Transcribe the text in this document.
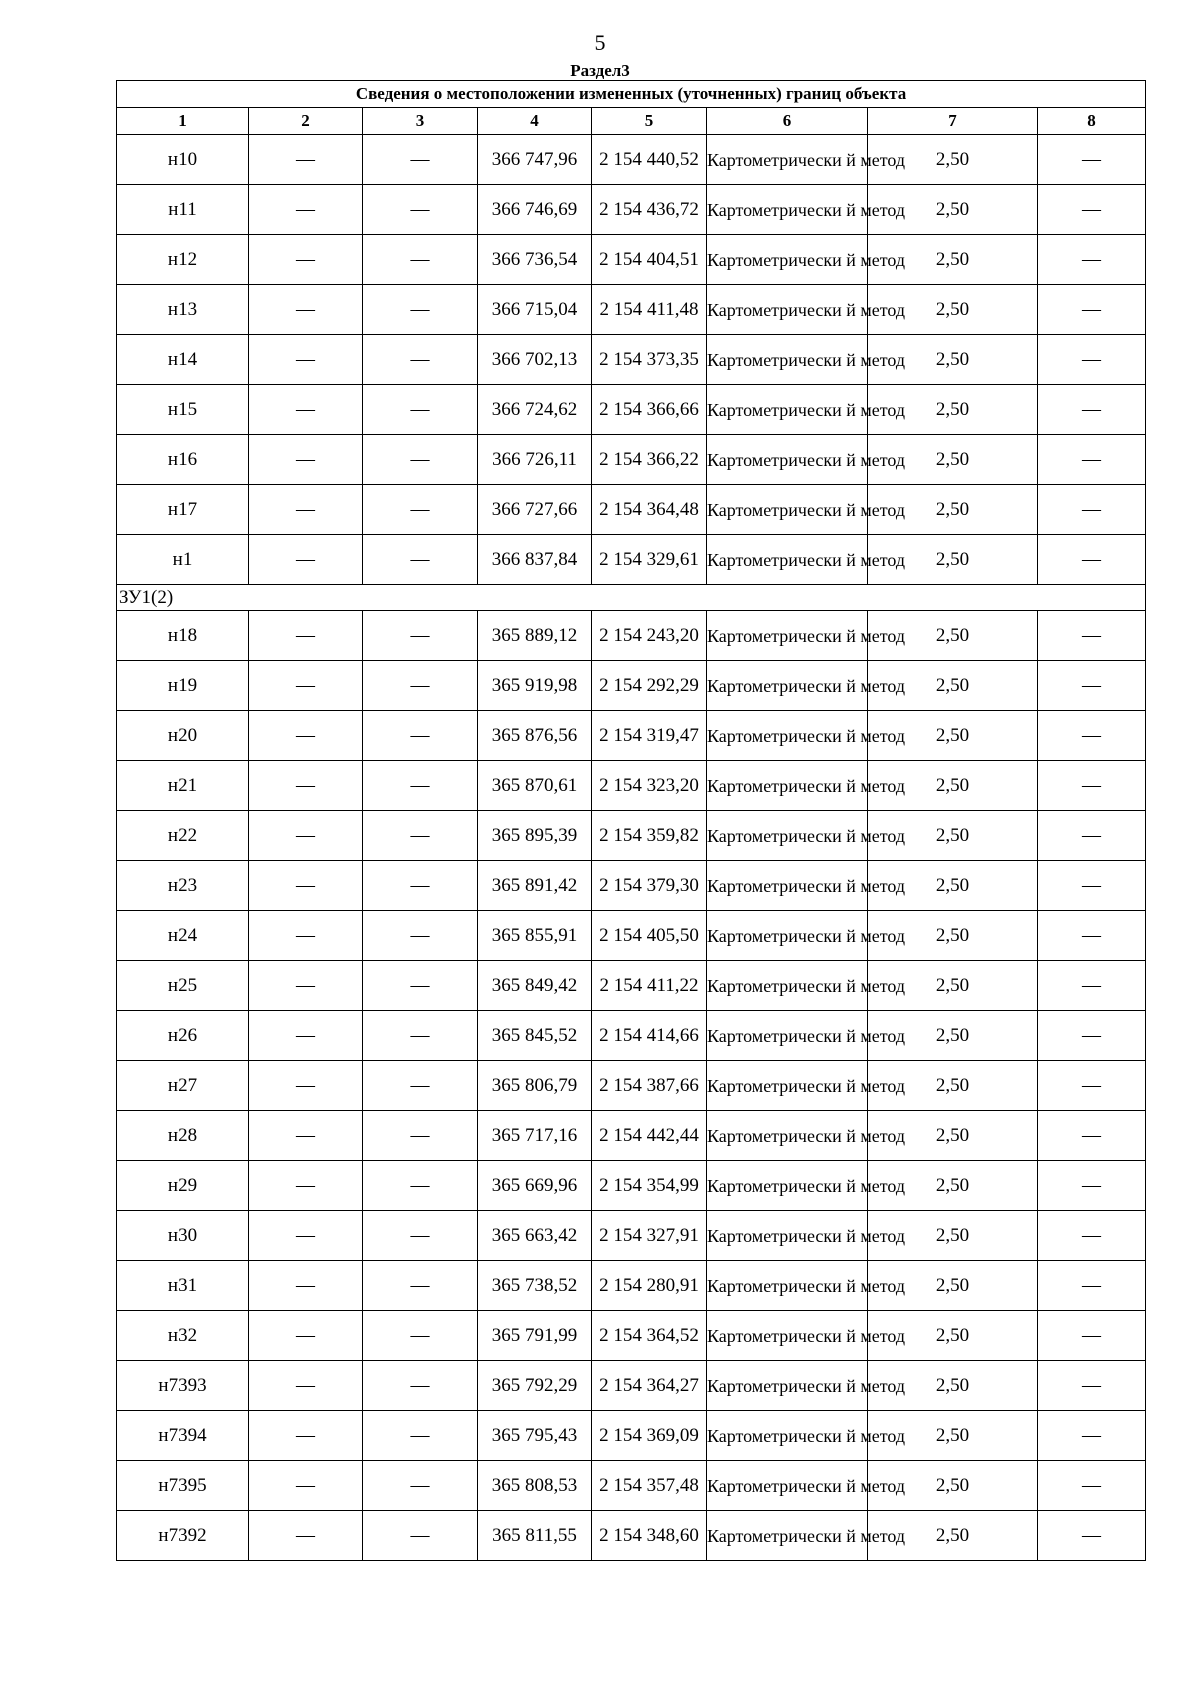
5
Раздел3
Сведения о местоположении измененных (уточненных) границ объекта							
1	2	3	4	5	6	7	8
н10	—	—	366 747,96	2 154 440,52	Картометрически й метод	2,50	—
н11	—	—	366 746,69	2 154 436,72	Картометрически й метод	2,50	—
н12	—	—	366 736,54	2 154 404,51	Картометрически й метод	2,50	—
н13	—	—	366 715,04	2 154 411,48	Картометрически й метод	2,50	—
н14	—	—	366 702,13	2 154 373,35	Картометрически й метод	2,50	—
н15	—	—	366 724,62	2 154 366,66	Картометрически й метод	2,50	—
н16	—	—	366 726,11	2 154 366,22	Картометрически й метод	2,50	—
н17	—	—	366 727,66	2 154 364,48	Картометрически й метод	2,50	—
н1	—	—	366 837,84	2 154 329,61	Картометрически й метод	2,50	—
ЗУ1(2)							
н18	—	—	365 889,12	2 154 243,20	Картометрически й метод	2,50	—
н19	—	—	365 919,98	2 154 292,29	Картометрически й метод	2,50	—
н20	—	—	365 876,56	2 154 319,47	Картометрически й метод	2,50	—
н21	—	—	365 870,61	2 154 323,20	Картометрически й метод	2,50	—
н22	—	—	365 895,39	2 154 359,82	Картометрически й метод	2,50	—
н23	—	—	365 891,42	2 154 379,30	Картометрически й метод	2,50	—
н24	—	—	365 855,91	2 154 405,50	Картометрически й метод	2,50	—
н25	—	—	365 849,42	2 154 411,22	Картометрически й метод	2,50	—
н26	—	—	365 845,52	2 154 414,66	Картометрически й метод	2,50	—
н27	—	—	365 806,79	2 154 387,66	Картометрически й метод	2,50	—
н28	—	—	365 717,16	2 154 442,44	Картометрически й метод	2,50	—
н29	—	—	365 669,96	2 154 354,99	Картометрически й метод	2,50	—
н30	—	—	365 663,42	2 154 327,91	Картометрически й метод	2,50	—
н31	—	—	365 738,52	2 154 280,91	Картометрически й метод	2,50	—
н32	—	—	365 791,99	2 154 364,52	Картометрически й метод	2,50	—
н7393	—	—	365 792,29	2 154 364,27	Картометрически й метод	2,50	—
н7394	—	—	365 795,43	2 154 369,09	Картометрически й метод	2,50	—
н7395	—	—	365 808,53	2 154 357,48	Картометрически й метод	2,50	—
н7392	—	—	365 811,55	2 154 348,60	Картометрически й метод	2,50	—
